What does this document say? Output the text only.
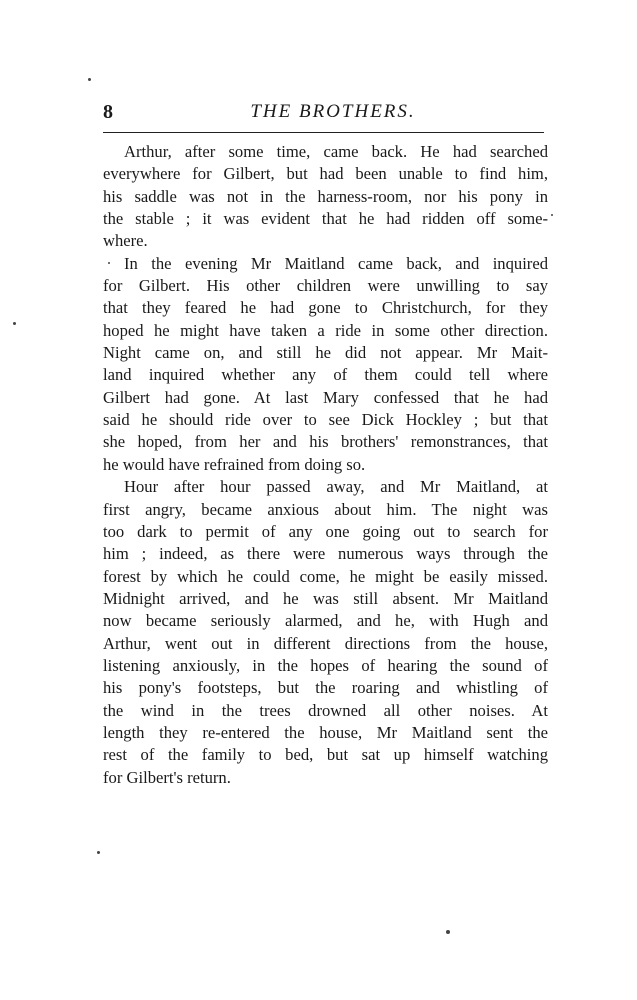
8	THE BROTHERS.
Arthur, after some time, came back. He had searched
everywhere for Gilbert, but had been unable to find him,
his saddle was not in the harness-room, nor his pony in
the stable ; it was evident that he had ridden off some-
where.
In the evening Mr Maitland came back, and inquired
for Gilbert. His other children were unwilling to say
that they feared he had gone to Christchurch, for they
hoped he might have taken a ride in some other direction.
Night came on, and still he did not appear. Mr Mait-
land inquired whether any of them could tell where
Gilbert had gone. At last Mary confessed that he had
said he should ride over to see Dick Hockley ; but that
she hoped, from her and his brothers' remonstrances, that
he would have refrained from doing so.
Hour after hour passed away, and Mr Maitland, at
first angry, became anxious about him. The night was
too dark to permit of any one going out to search for
him ; indeed, as there were numerous ways through the
forest by which he could come, he might be easily missed.
Midnight arrived, and he was still absent. Mr Maitland
now became seriously alarmed, and he, with Hugh and
Arthur, went out in different directions from the house,
listening anxiously, in the hopes of hearing the sound of
his pony's footsteps, but the roaring and whistling of
the wind in the trees drowned all other noises. At
length they re-entered the house, Mr Maitland sent the
rest of the family to bed, but sat up himself watching
for Gilbert's return.
